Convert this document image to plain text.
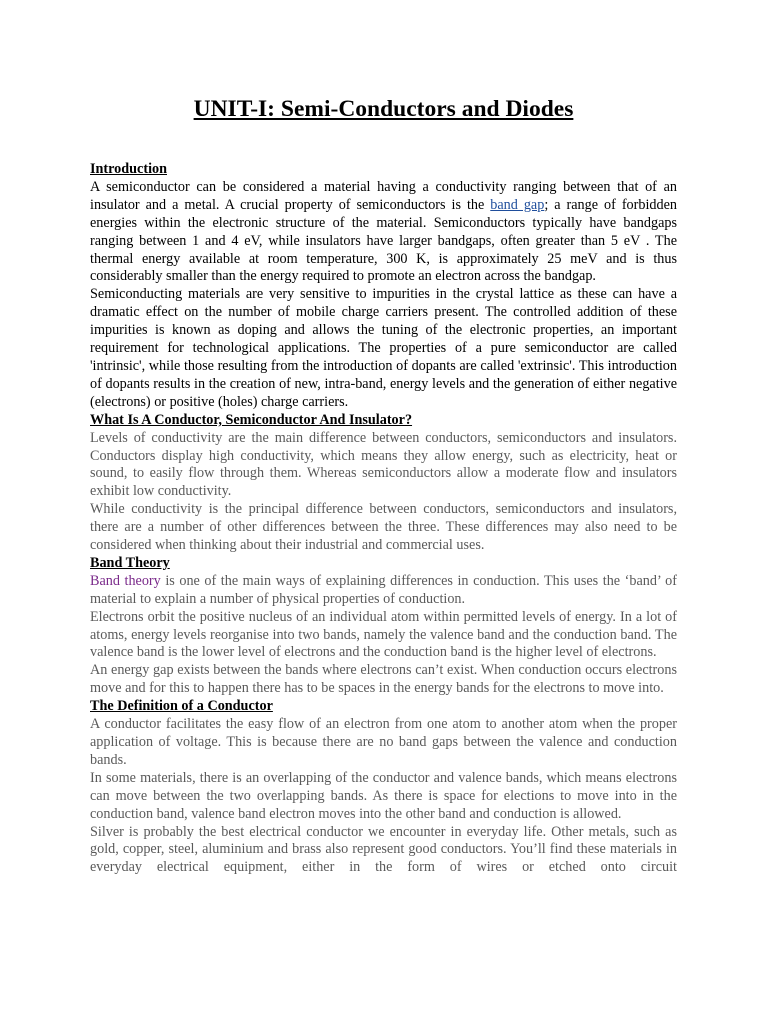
UNIT-I: Semi-Conductors and Diodes
Introduction

A semiconductor can be considered a material having a conductivity ranging between that of an insulator and a metal. A crucial property of semiconductors is the band gap; a range of forbidden energies within the electronic structure of the material. Semiconductors typically have bandgaps ranging between 1 and 4 eV, while insulators have larger bandgaps, often greater than 5 eV . The thermal energy available at room temperature, 300 K, is approximately 25 meV and is thus considerably smaller than the energy required to promote an electron across the bandgap.

Semiconducting materials are very sensitive to impurities in the crystal lattice as these can have a dramatic effect on the number of mobile charge carriers present. The controlled addition of these impurities is known as doping and allows the tuning of the electronic properties, an important requirement for technological applications. The properties of a pure semiconductor are called 'intrinsic', while those resulting from the introduction of dopants are called 'extrinsic'. This introduction of dopants results in the creation of new, intra-band, energy levels and the generation of either negative (electrons) or positive (holes) charge carriers.

What Is A Conductor, Semiconductor And Insulator?

Levels of conductivity are the main difference between conductors, semiconductors and insulators. Conductors display high conductivity, which means they allow energy, such as electricity, heat or sound, to easily flow through them. Whereas semiconductors allow a moderate flow and insulators exhibit low conductivity.

While conductivity is the principal difference between conductors, semiconductors and insulators, there are a number of other differences between the three. These differences may also need to be considered when thinking about their industrial and commercial uses.

Band Theory

Band theory is one of the main ways of explaining differences in conduction. This uses the ‘band’ of material to explain a number of physical properties of conduction.

Electrons orbit the positive nucleus of an individual atom within permitted levels of energy. In a lot of atoms, energy levels reorganise into two bands, namely the valence band and the conduction band. The valence band is the lower level of electrons and the conduction band is the higher level of electrons.

An energy gap exists between the bands where electrons can’t exist. When conduction occurs electrons move and for this to happen there has to be spaces in the energy bands for the electrons to move into.

The Definition of a Conductor

A conductor facilitates the easy flow of an electron from one atom to another atom when the proper application of voltage. This is because there are no band gaps between the valence and conduction bands.

In some materials, there is an overlapping of the conductor and valence bands, which means electrons can move between the two overlapping bands. As there is space for elections to move into in the conduction band, valence band electron moves into the other band and conduction is allowed.

Silver is probably the best electrical conductor we encounter in everyday life. Other metals, such as gold, copper, steel, aluminium and brass also represent good conductors. You’ll find these materials in everyday electrical equipment, either in the form of wires or etched onto circuit
